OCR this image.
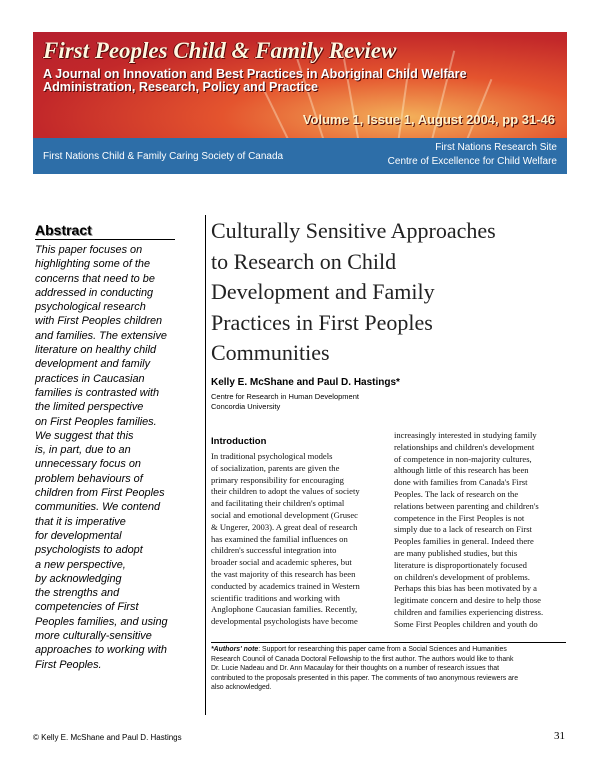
First Peoples Child & Family Review
A Journal on Innovation and Best Practices in Aboriginal Child Welfare
Administration, Research, Policy and Practice
Volume 1, Issue 1, August 2004, pp 31-46
First Nations Child & Family Caring Society of Canada
First Nations Research Site
Centre of Excellence for Child Welfare
Abstract
This paper focuses on
highlighting some of the
concerns that need to be
addressed in conducting
psychological research
with First Peoples children
and families. The extensive
literature on healthy child
development and family
practices in Caucasian
families is contrasted with
the limited perspective
on First Peoples families.
We suggest that this
is, in part, due to an
unnecessary focus on
problem behaviours of
children from First Peoples
communities. We contend
that it is imperative
for developmental
psychologists to adopt
a new perspective,
by acknowledging
the strengths and
competencies of First
Peoples families, and using
more culturally-sensitive
approaches to working with
First Peoples.
Culturally Sensitive Approaches
to Research on Child
Development and Family
Practices in First Peoples
Communities
Kelly E. McShane and Paul D. Hastings*
Centre for Research in Human Development
Concordia University
Introduction
In traditional psychological models
of socialization, parents are given the
primary responsibility for encouraging
their children to adopt the values of society
and facilitating their children's optimal
social and emotional development (Grusec
& Ungerer, 2003). A great deal of research
has examined the familial influences on
children's successful integration into
broader social and academic spheres, but
the vast majority of this research has been
conducted by academics trained in Western
scientific traditions and working with
Anglophone Caucasian families. Recently,
developmental psychologists have become
increasingly interested in studying family
relationships and children's development
of competence in non-majority cultures,
although little of this research has been
done with families from Canada's First
Peoples. The lack of research on the
relations between parenting and children's
competence in the First Peoples is not
simply due to a lack of research on First
Peoples families in general. Indeed there
are many published studies, but this
literature is disproportionately focused
on children's development of problems.
Perhaps this bias has been motivated by a
legitimate concern and desire to help those
children and families experiencing distress.
Some First Peoples children and youth do
*Authors' note: Support for researching this paper came from a Social Sciences and Humanities
Research Council of Canada Doctoral Fellowship to the first author. The authors would like to thank
Dr. Lucie Nadeau and Dr. Ann Macaulay for their thoughts on a number of research issues that
contributed to the proposals presented in this paper. The comments of two anonymous reviewers are
also acknowledged.
© Kelly E. McShane and Paul D. Hastings	31
